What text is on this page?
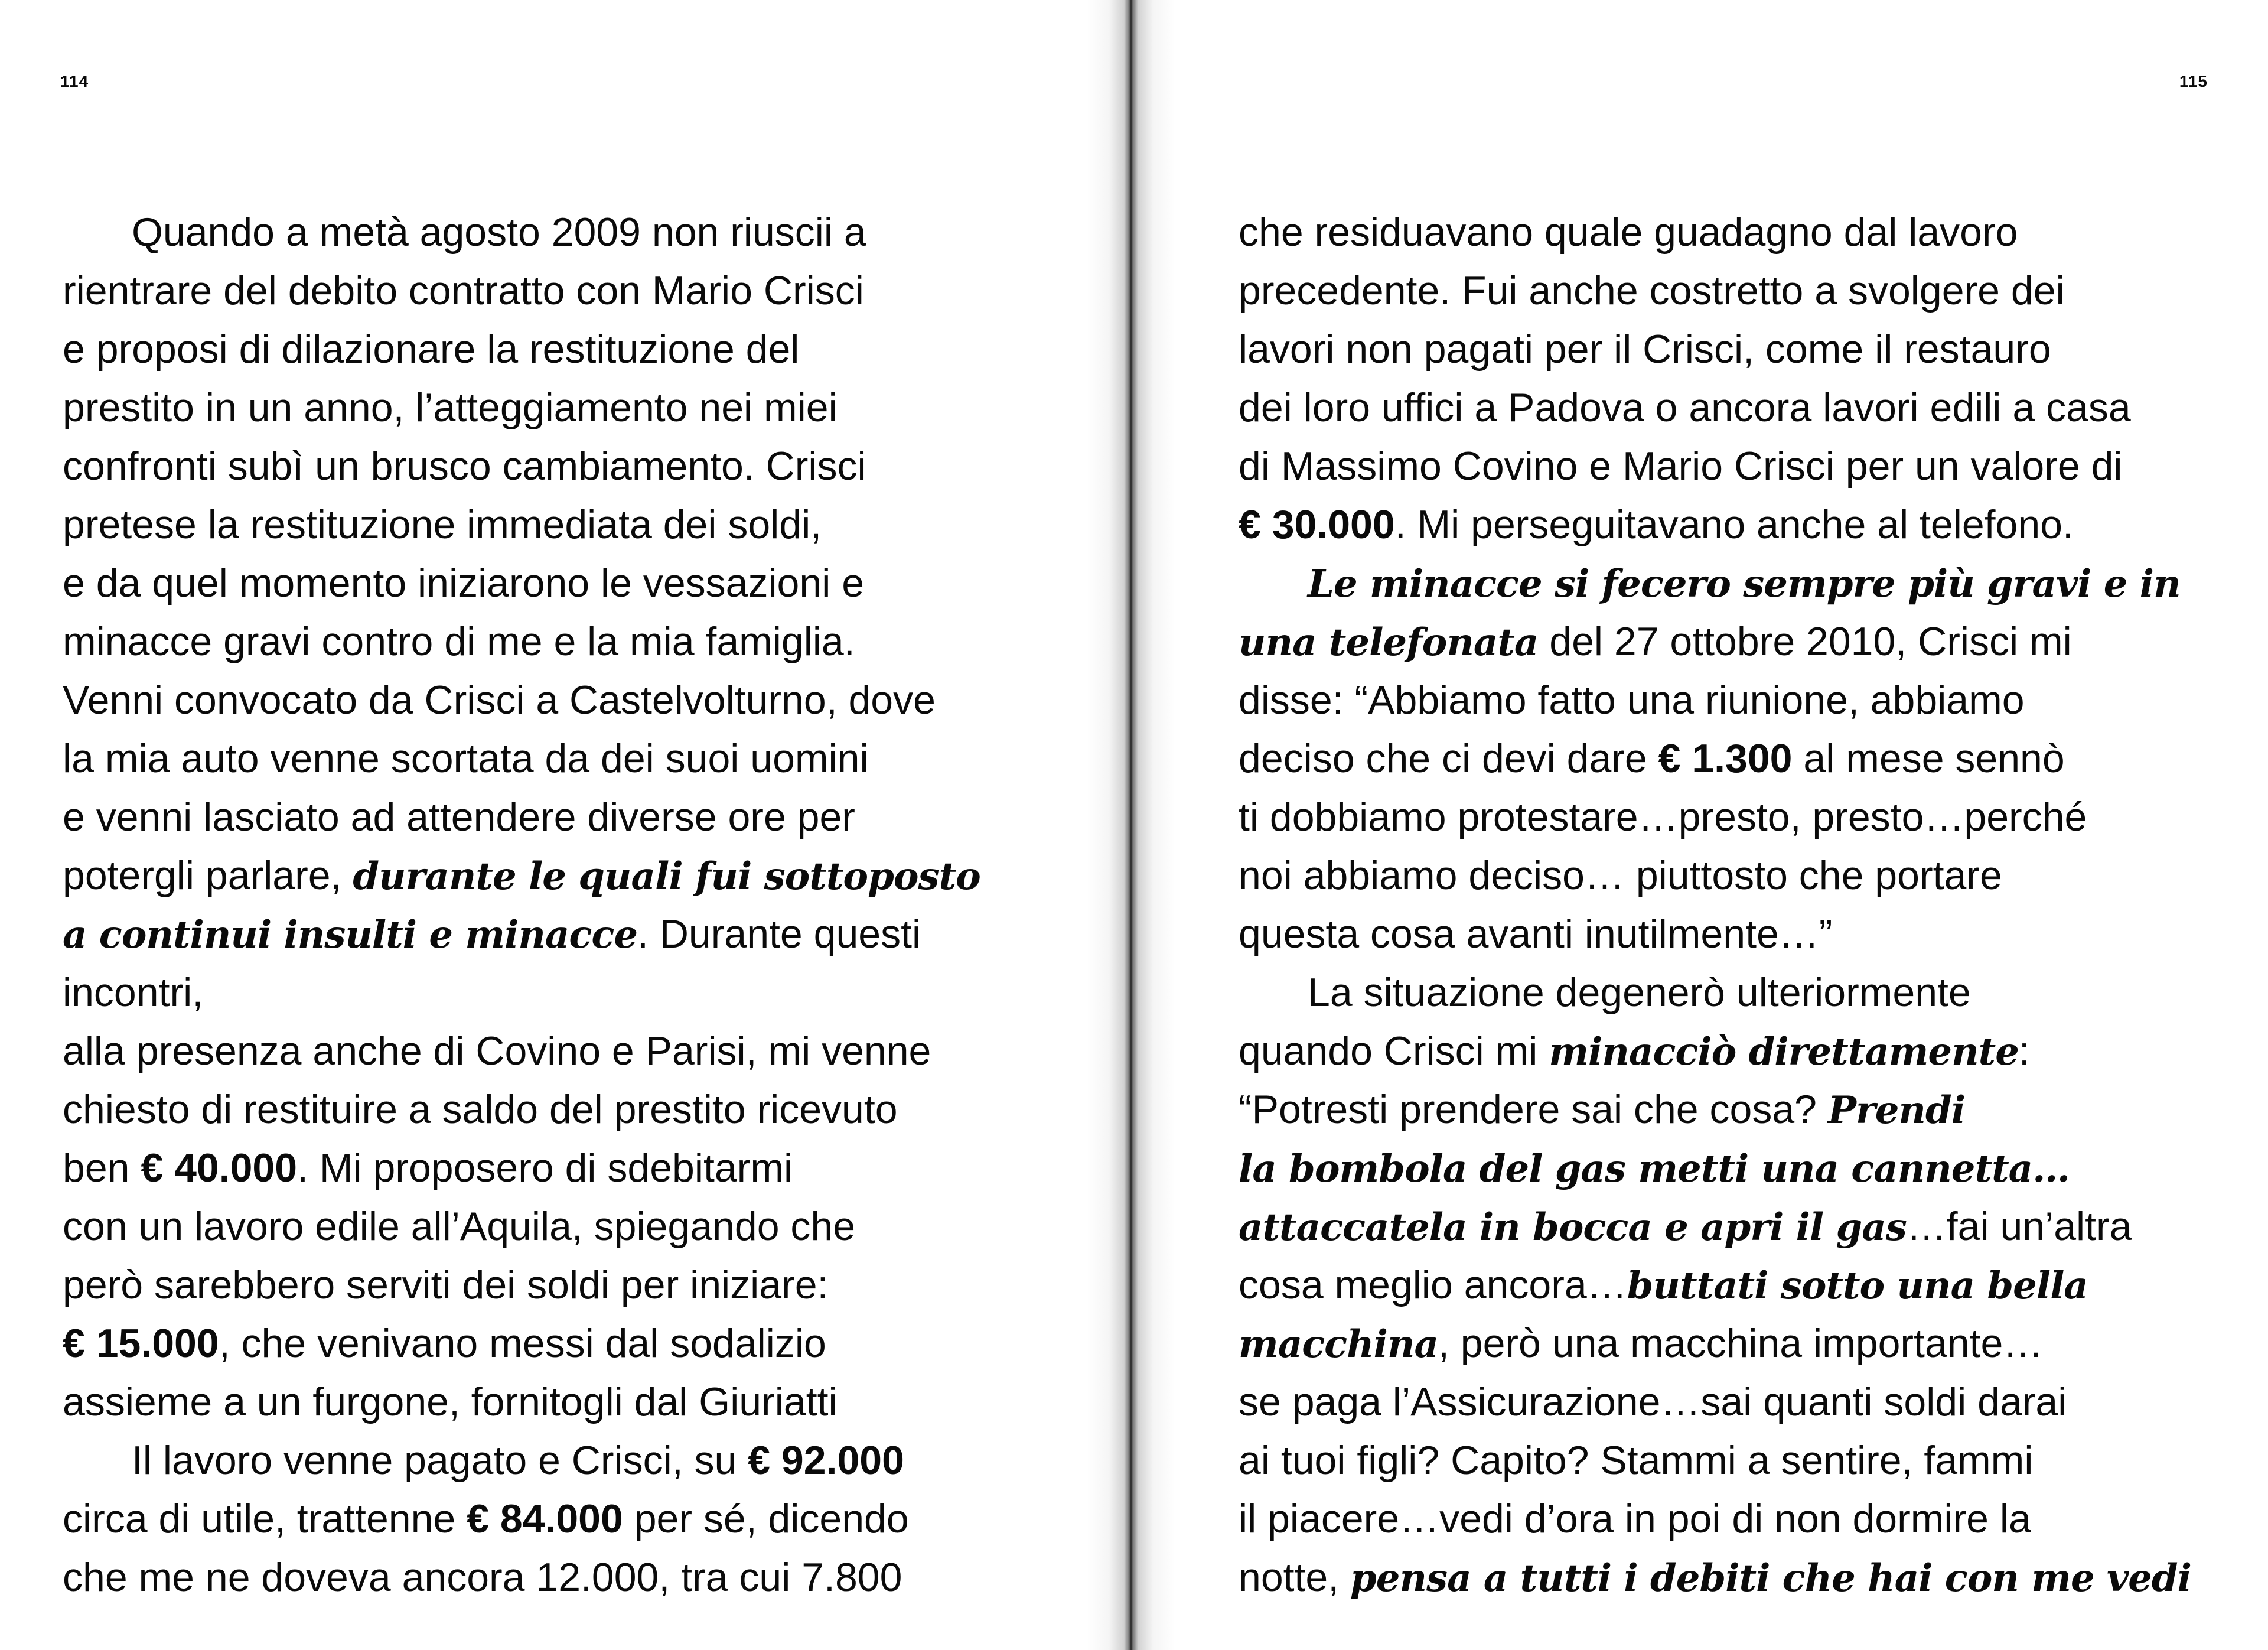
114
Quando a metà agosto 2009 non riuscii a
rientrare del debito contratto con Mario Crisci
e proposi di dilazionare la restituzione del
prestito in un anno, l’atteggiamento nei miei
confronti subì un brusco cambiamento. Crisci
pretese la restituzione immediata dei soldi,
e da quel momento iniziarono le vessazioni e
minacce gravi contro di me e la mia famiglia.
Venni convocato da Crisci a Castelvolturno, dove
la mia auto venne scortata da dei suoi uomini
e venni lasciato ad attendere diverse ore per
potergli parlare, durante le quali fui sottoposto
a continui insulti e minacce. Durante questi
incontri,
alla presenza anche di Covino e Parisi, mi venne
chiesto di restituire a saldo del prestito ricevuto
ben € 40.000. Mi proposero di sdebitarmi
con un lavoro edile all’Aquila, spiegando che
però sarebbero serviti dei soldi per iniziare:
€ 15.000, che venivano messi dal sodalizio
assieme a un furgone, fornitogli dal Giuriatti
Il lavoro venne pagato e Crisci, su € 92.000
circa di utile, trattenne € 84.000 per sé, dicendo
che me ne doveva ancora 12.000, tra cui 7.800
115
che residuavano quale guadagno dal lavoro
precedente. Fui anche costretto a svolgere dei
lavori non pagati per il Crisci, come il restauro
dei loro uffici a Padova o ancora lavori edili a casa
di Massimo Covino e Mario Crisci per un valore di
€ 30.000. Mi perseguitavano anche al telefono.
Le minacce si fecero sempre più gravi e in
una telefonata del 27 ottobre 2010, Crisci mi
disse: “Abbiamo fatto una riunione, abbiamo
deciso che ci devi dare € 1.300 al mese sennò
ti dobbiamo protestare…presto, presto…perché
noi abbiamo deciso… piuttosto che portare
questa cosa avanti inutilmente…”
La situazione degenerò ulteriormente
quando Crisci mi minacciò direttamente:
“Potresti prendere sai che cosa? Prendi
la bombola del gas metti una cannetta…
attaccatela in bocca e apri il gas…fai un’altra
cosa meglio ancora…buttati sotto una bella
macchina, però una macchina importante…
se paga l’Assicurazione…sai quanti soldi darai
ai tuoi figli? Capito? Stammi a sentire, fammi
il piacere…vedi d’ora in poi di non dormire la
notte, pensa a tutti i debiti che hai con me vedi
